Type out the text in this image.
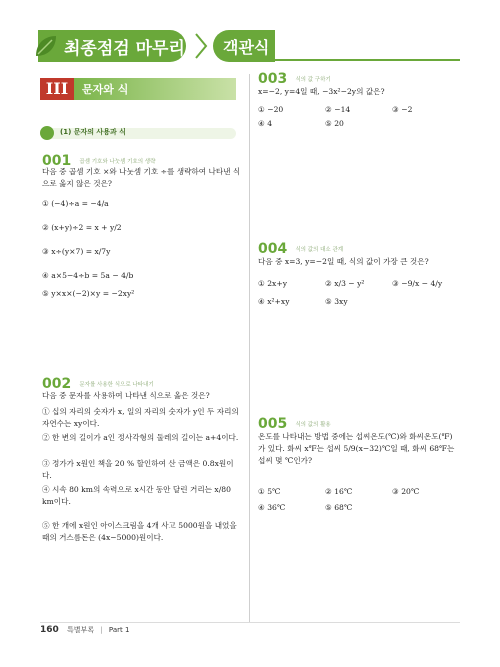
최종점검 마무리 객관식 100선
III	문자와 식
(1) 문자의 사용과 식
001 곱셈 기호와 나눗셈 기호의 생략
다음 중 곱셈 기호 ×와 나눗셈 기호 ÷를 생략하여 나타낸 식으로 옳지 않은 것은?
① (−4)÷a = −4/a
② (x+y)÷2 = x + y/2
③ x÷(y×7) = x/7y
④ a×5−4÷b = 5a − 4/b
⑤ y×x×(−2)×y = −2xy²
002 문자를 사용한 식으로 나타내기
다음 중 문자를 사용하여 나타낸 식으로 옳은 것은?
① 십의 자리의 숫자가 x, 일의 자리의 숫자가 y인 두 자리의 자연수는 xy이다.
② 한 변의 길이가 a인 정사각형의 둘레의 길이는 a+4이다.
③ 정가가 x원인 책을 20 % 할인하여 산 금액은 0.8x원이다.
④ 시속 80 km의 속력으로 x시간 동안 달린 거리는 x/80 km이다.
⑤ 한 개에 x원인 아이스크림을 4개 사고 5000원을 내었을 때의 거스름돈은 (4x−5000)원이다.
003 식의 값 구하기
x=−2, y=4일 때, −3x²−2y의 값은?
① −20	② −14	③ −2
④ 4	⑤ 20
004 식의 값의 대소 관계
다음 중 x=3, y=−2일 때, 식의 값이 가장 큰 것은?
① 2x+y	② x/3 − y²	③ −9/x − 4/y
④ x²+xy	⑤ 3xy
005 식의 값의 활용
온도를 나타내는 방법 중에는 섭씨온도(℃)와 화씨온도(℉)가 있다. 화씨 x℉는 섭씨 5/9(x−32)℃일 때, 화씨 68℉는 섭씨 몇 ℃인가?
① 5℃	② 16℃	③ 20℃
④ 36℃	⑤ 68℃
160 특별부록 | Part 1
